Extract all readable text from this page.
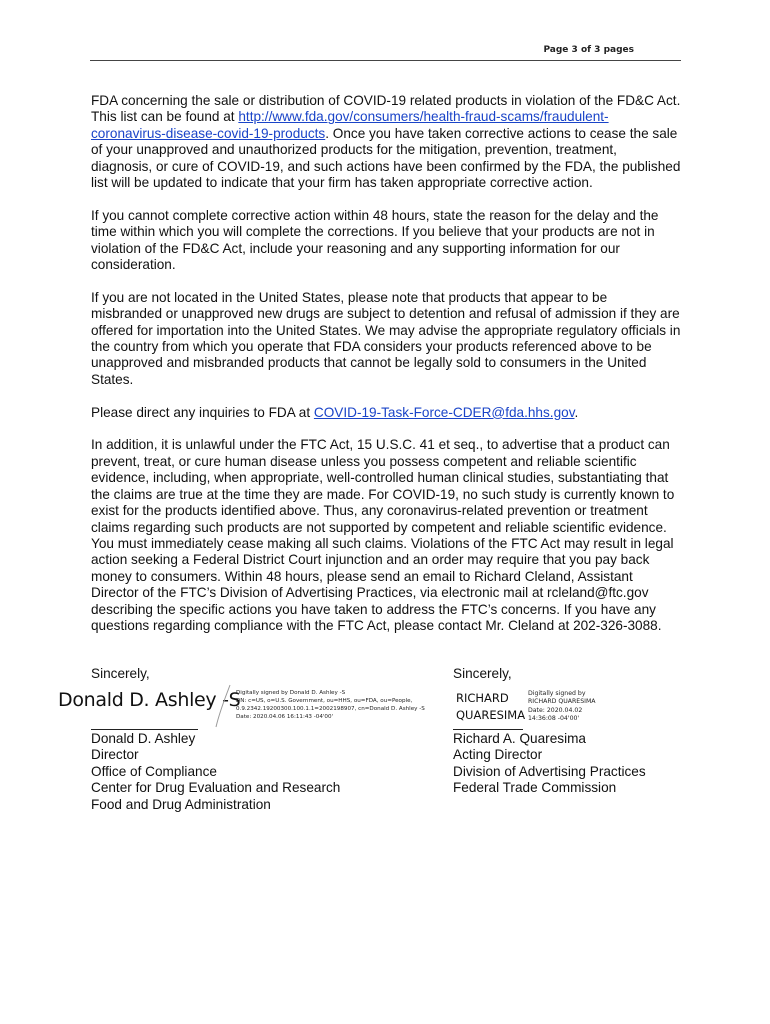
Page 3 of 3 pages

FDA concerning the sale or distribution of COVID-19 related products in violation of the FD&C Act. This list can be found at http://www.fda.gov/consumers/health-fraud-scams/fraudulent-coronavirus-disease-covid-19-products. Once you have taken corrective actions to cease the sale of your unapproved and unauthorized products for the mitigation, prevention, treatment, diagnosis, or cure of COVID-19, and such actions have been confirmed by the FDA, the published list will be updated to indicate that your firm has taken appropriate corrective action.

If you cannot complete corrective action within 48 hours, state the reason for the delay and the time within which you will complete the corrections. If you believe that your products are not in violation of the FD&C Act, include your reasoning and any supporting information for our consideration.

If you are not located in the United States, please note that products that appear to be misbranded or unapproved new drugs are subject to detention and refusal of admission if they are offered for importation into the United States. We may advise the appropriate regulatory officials in the country from which you operate that FDA considers your products referenced above to be unapproved and misbranded products that cannot be legally sold to consumers in the United States.

Please direct any inquiries to FDA at COVID-19-Task-Force-CDER@fda.hhs.gov.

In addition, it is unlawful under the FTC Act, 15 U.S.C. 41 et seq., to advertise that a product can prevent, treat, or cure human disease unless you possess competent and reliable scientific evidence, including, when appropriate, well-controlled human clinical studies, substantiating that the claims are true at the time they are made. For COVID-19, no such study is currently known to exist for the products identified above. Thus, any coronavirus-related prevention or treatment claims regarding such products are not supported by competent and reliable scientific evidence. You must immediately cease making all such claims. Violations of the FTC Act may result in legal action seeking a Federal District Court injunction and an order may require that you pay back money to consumers. Within 48 hours, please send an email to Richard Cleland, Assistant Director of the FTC’s Division of Advertising Practices, via electronic mail at rcleland@ftc.gov describing the specific actions you have taken to address the FTC’s concerns. If you have any questions regarding compliance with the FTC Act, please contact Mr. Cleland at 202-326-3088.

Sincerely,
Donald D. Ashley -S
Digitally signed by Donald D. Ashley -S
DN: c=US, o=U.S. Government, ou=HHS, ou=FDA, ou=People,
0.9.2342.19200300.100.1.1=2002198907, cn=Donald D. Ashley -S
Date: 2020.04.06 16:11:43 -04'00'
Donald D. Ashley
Director
Office of Compliance
Center for Drug Evaluation and Research
Food and Drug Administration
Sincerely,
RICHARD
QUARESIMA
Digitally signed by
RICHARD QUARESIMA
Date: 2020.04.02
14:36:08 -04'00'
Richard A. Quaresima
Acting Director
Division of Advertising Practices
Federal Trade Commission
